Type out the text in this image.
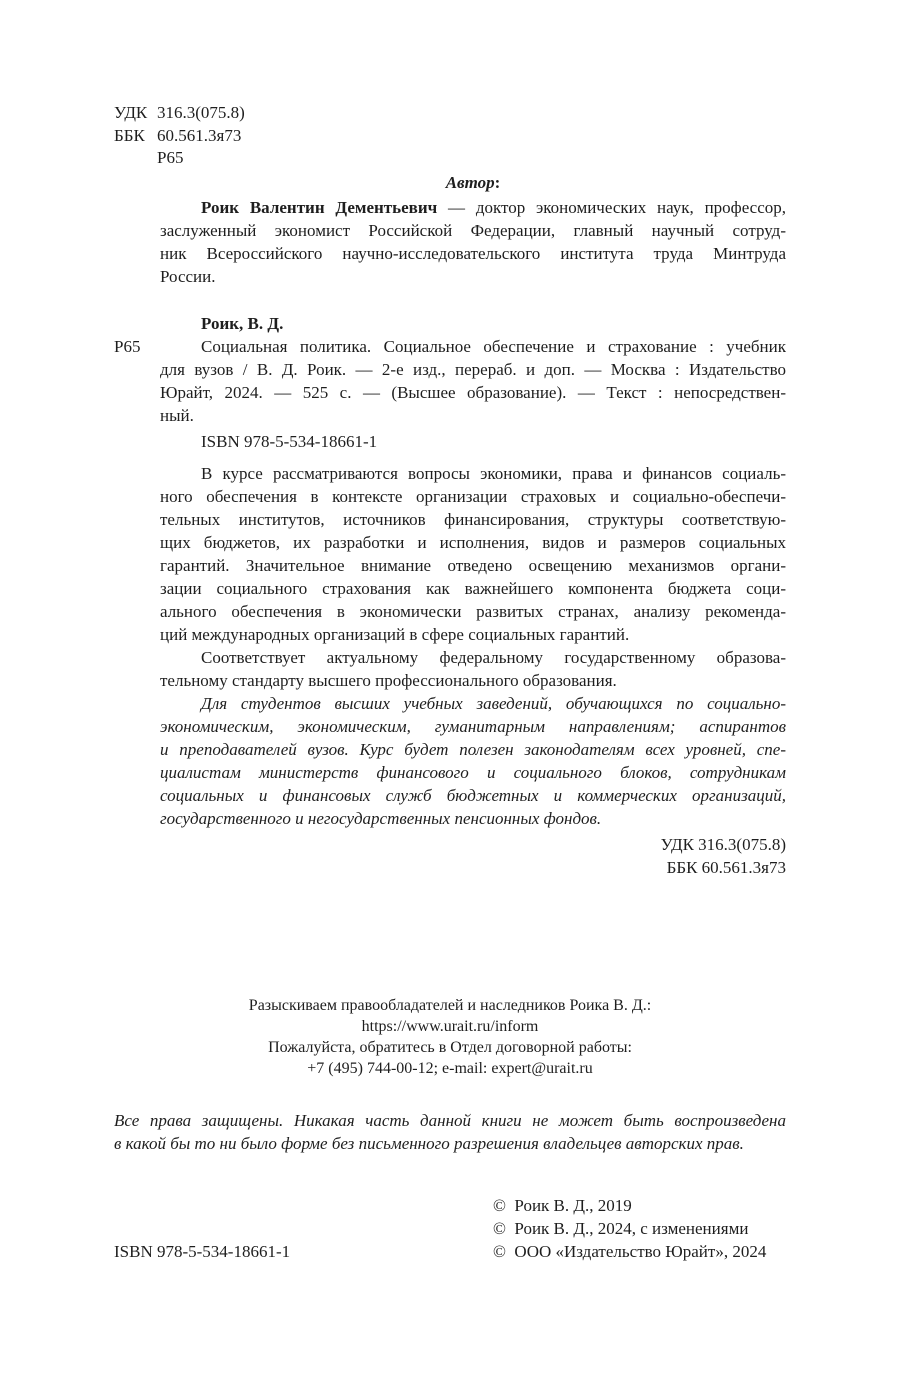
УДК 316.3(075.8)
ББК 60.561.3я73
Р65
Автор:
Роик Валентин Дементьевич — доктор экономических наук, профессор,
заслуженный экономист Российской Федерации, главный научный сотруд-
ник Всероссийского научно-исследовательского института труда Минтруда
России.
Роик, В. Д.
Р65	Социальная политика. Социальное обеспечение и страхование : учебник
для вузов / В. Д. Роик. — 2-е изд., перераб. и доп. — Москва : Издательство
Юрайт, 2024. — 525 с. — (Высшее образование). — Текст : непосредствен-
ный.
ISBN 978-5-534-18661-1
В курсе рассматриваются вопросы экономики, права и финансов социаль-
ного обеспечения в контексте организации страховых и социально-обеспечи-
тельных институтов, источников финансирования, структуры соответствую-
щих бюджетов, их разработки и исполнения, видов и размеров социальных
гарантий. Значительное внимание отведено освещению механизмов органи-
зации социального страхования как важнейшего компонента бюджета соци-
ального обеспечения в экономически развитых странах, анализу рекоменда-
ций международных организаций в сфере социальных гарантий.
Соответствует актуальному федеральному государственному образова-
тельному стандарту высшего профессионального образования.
Для студентов высших учебных заведений, обучающихся по социально-
экономическим, экономическим, гуманитарным направлениям; аспирантов
и преподавателей вузов. Курс будет полезен законодателям всех уровней, спе-
циалистам министерств финансового и социального блоков, сотрудникам
социальных и финансовых служб бюджетных и коммерческих организаций,
государственного и негосударственных пенсионных фондов.
УДК 316.3(075.8)
ББК 60.561.3я73
Разыскиваем правообладателей и наследников Роика В. Д.:
https://www.urait.ru/inform
Пожалуйста, обратитесь в Отдел договорной работы:
+7 (495) 744-00-12; e-mail: expert@urait.ru
Все права защищены. Никакая часть данной книги не может быть воспроизведена
в какой бы то ни было форме без письменного разрешения владельцев авторских прав.
©  Роик В. Д., 2019
©  Роик В. Д., 2024, с изменениями
©  ООО «Издательство Юрайт», 2024
ISBN 978-5-534-18661-1
